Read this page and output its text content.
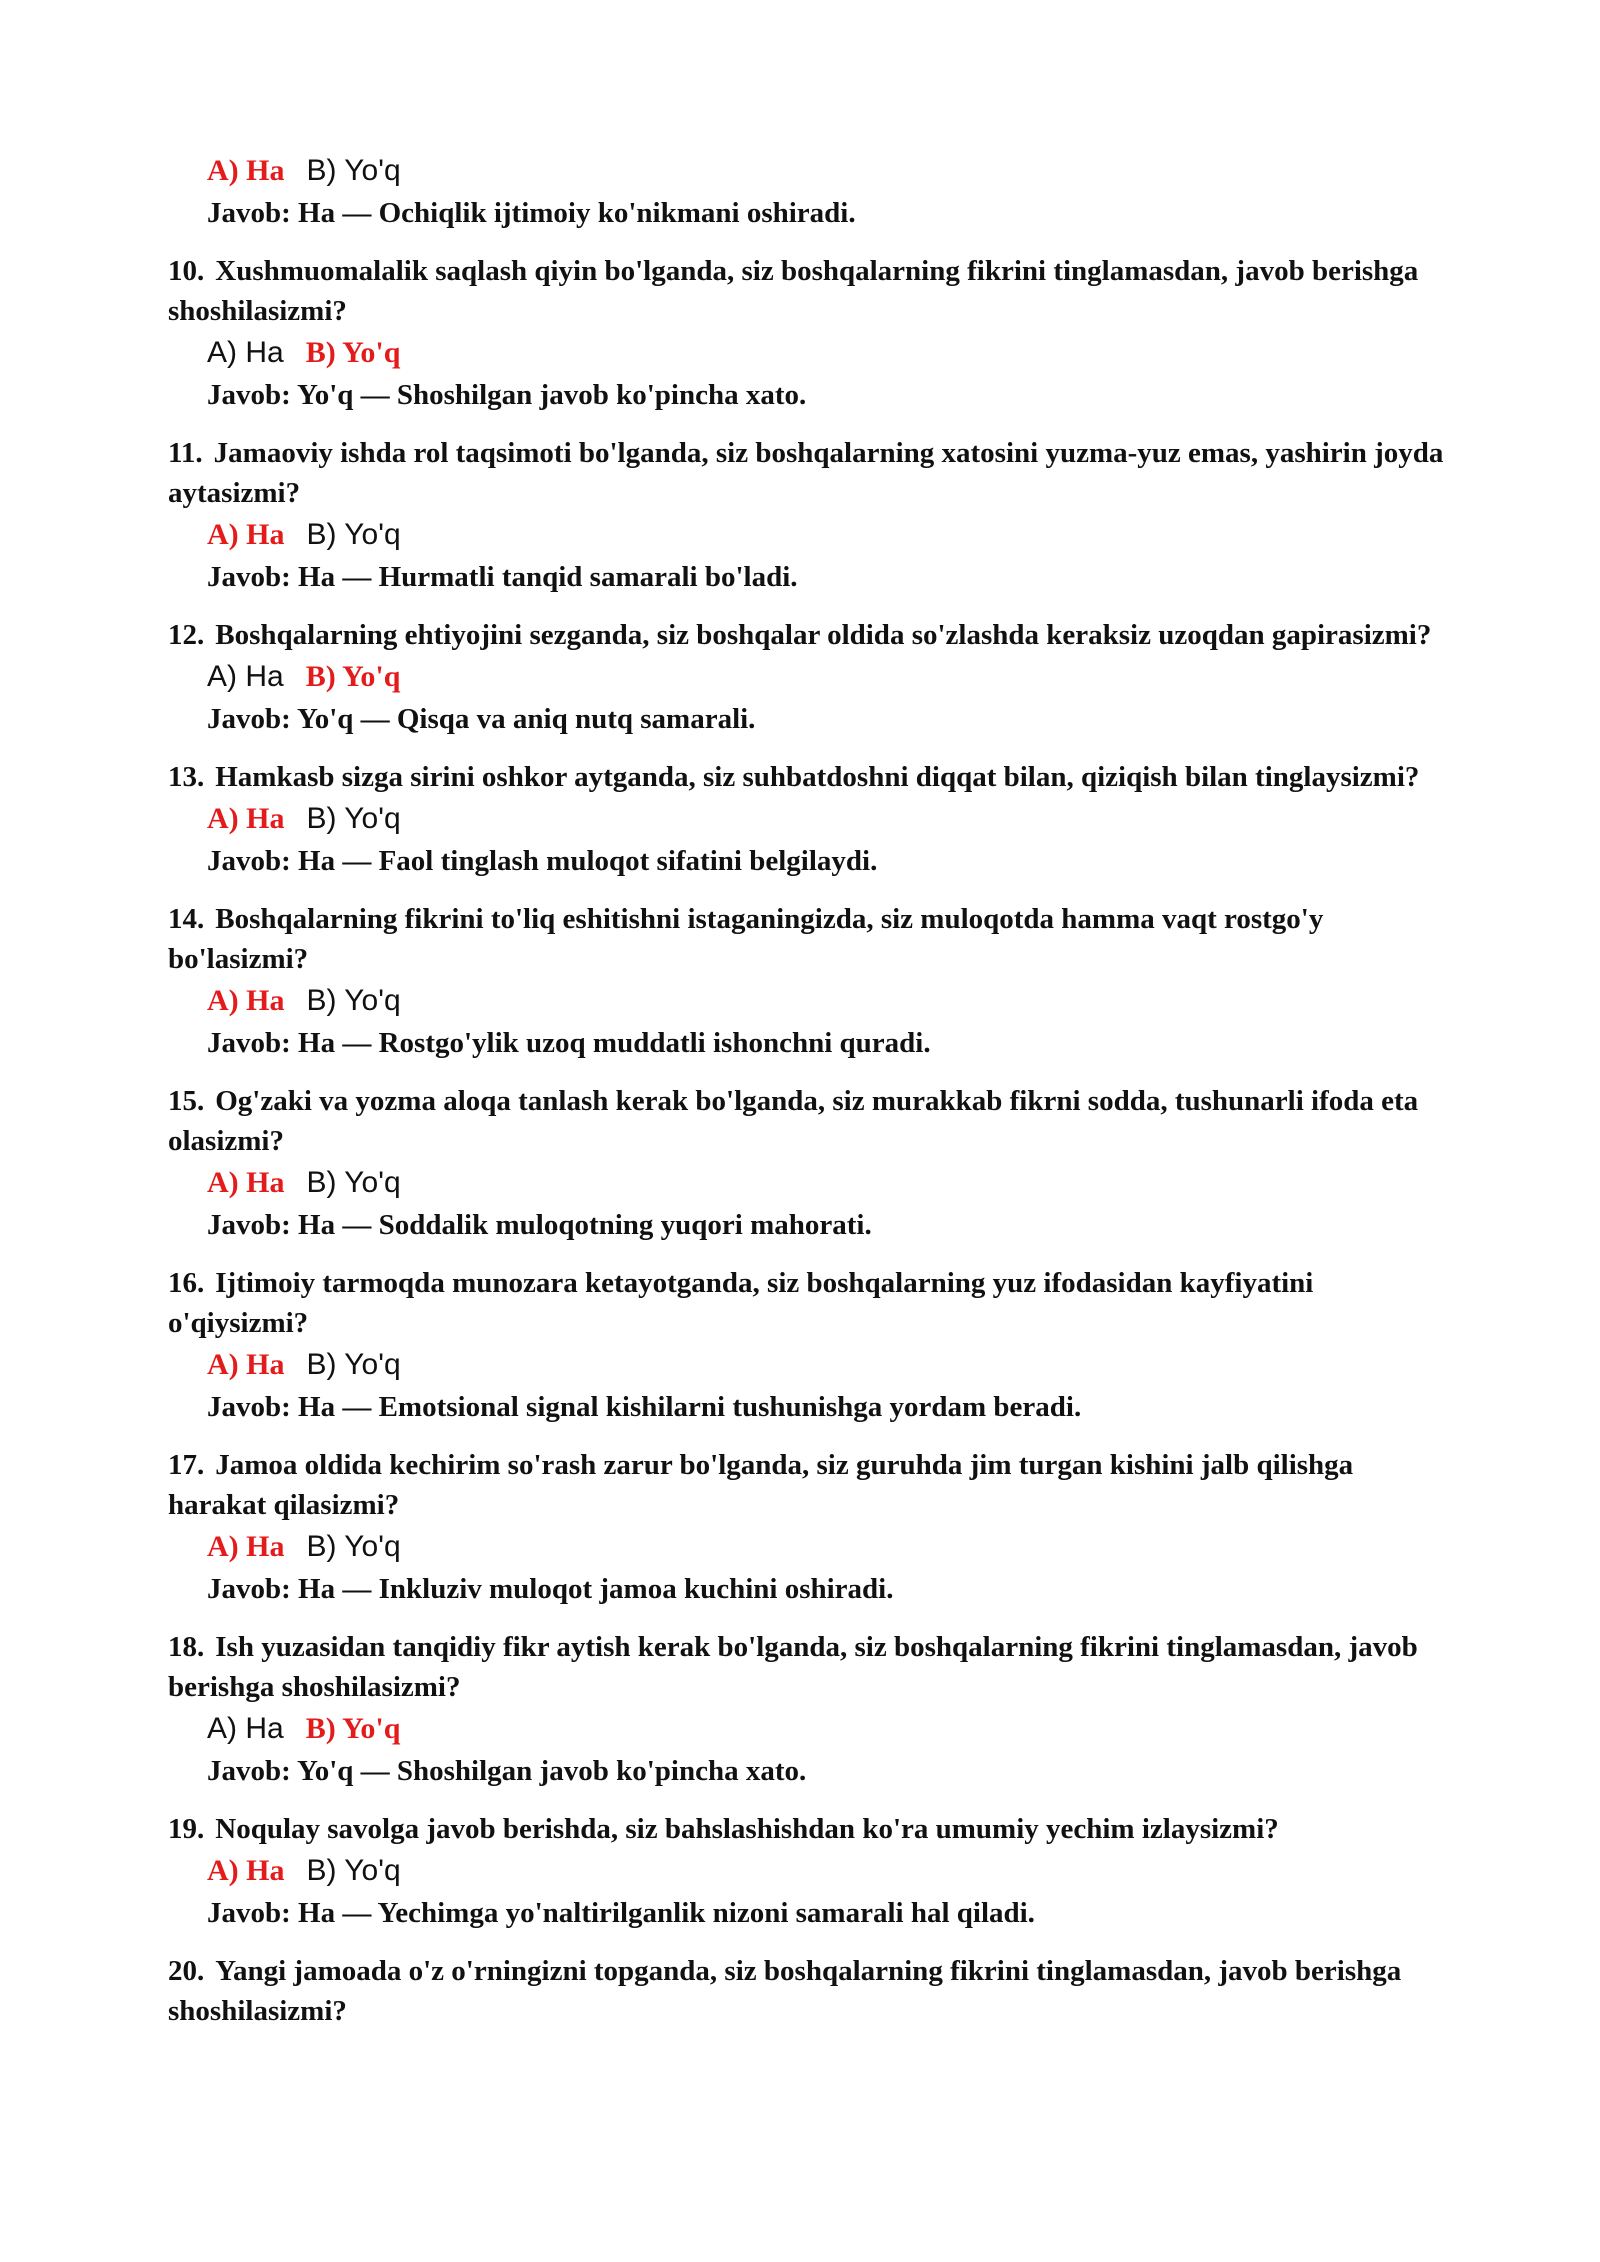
A) Ha B) Yo'q
Javob: Ha — Ochiqlik ijtimoiy ko'nikmani oshiradi.
10. Xushmuomalalik saqlash qiyin bo'lganda, siz boshqalarning fikrini tinglamasdan, javob berishga shoshilasizmi?
A) Ha B) Yo'q
Javob: Yo'q — Shoshilgan javob ko'pincha xato.
11. Jamaoviy ishda rol taqsimoti bo'lganda, siz boshqalarning xatosini yuzma-yuz emas, yashirin joyda aytasizmi?
A) Ha B) Yo'q
Javob: Ha — Hurmatli tanqid samarali bo'ladi.
12. Boshqalarning ehtiyojini sezganda, siz boshqalar oldida so'zlashda keraksiz uzoqdan gapirasizmi?
A) Ha B) Yo'q
Javob: Yo'q — Qisqa va aniq nutq samarali.
13. Hamkasb sizga sirini oshkor aytganda, siz suhbatdoshni diqqat bilan, qiziqish bilan tinglaysizmi?
A) Ha B) Yo'q
Javob: Ha — Faol tinglash muloqot sifatini belgilaydi.
14. Boshqalarning fikrini to'liq eshitishni istaganingizda, siz muloqotda hamma vaqt rostgo'y bo'lasizmi?
A) Ha B) Yo'q
Javob: Ha — Rostgo'ylik uzoq muddatli ishonchni quradi.
15. Og'zaki va yozma aloqa tanlash kerak bo'lganda, siz murakkab fikrni sodda, tushunarli ifoda eta olasizmi?
A) Ha B) Yo'q
Javob: Ha — Soddalik muloqotning yuqori mahorati.
16. Ijtimoiy tarmoqda munozara ketayotganda, siz boshqalarning yuz ifodasidan kayfiyatini o'qiysizmi?
A) Ha B) Yo'q
Javob: Ha — Emotsional signal kishilarni tushunishga yordam beradi.
17. Jamoa oldida kechirim so'rash zarur bo'lganda, siz guruhda jim turgan kishini jalb qilishga harakat qilasizmi?
A) Ha B) Yo'q
Javob: Ha — Inkluziv muloqot jamoa kuchini oshiradi.
18. Ish yuzasidan tanqidiy fikr aytish kerak bo'lganda, siz boshqalarning fikrini tinglamasdan, javob berishga shoshilasizmi?
A) Ha B) Yo'q
Javob: Yo'q — Shoshilgan javob ko'pincha xato.
19. Noqulay savolga javob berishda, siz bahslashishdan ko'ra umumiy yechim izlaysizmi?
A) Ha B) Yo'q
Javob: Ha — Yechimga yo'naltirilganlik nizoni samarali hal qiladi.
20. Yangi jamoada o'z o'rningizni topganda, siz boshqalarning fikrini tinglamasdan, javob berishga shoshilasizmi?
